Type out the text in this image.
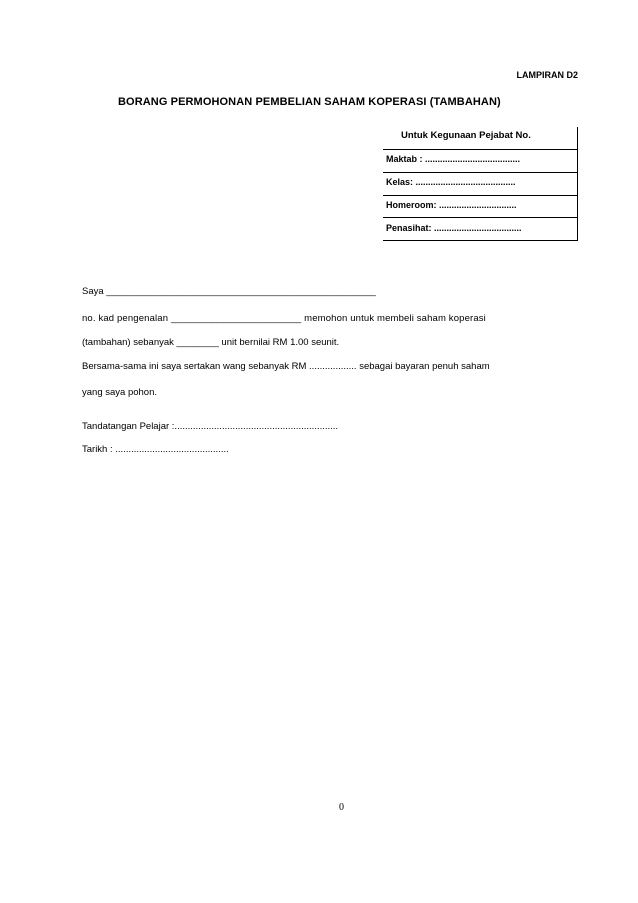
LAMPIRAN D2
BORANG PERMOHONAN PEMBELIAN SAHAM KOPERASI (TAMBAHAN)
Untuk Kegunaan Pejabat No.
Maktab : ......................................
Kelas: ........................................
Homeroom: ...............................
Penasihat: ...................................
Saya ___________________________________________________
no. kad pengenalan ________________________ memohon untuk membeli saham koperasi
(tambahan) sebanyak ________ unit bernilai RM 1.00 seunit.
Bersama-sama ini saya sertakan wang sebanyak RM .................. sebagai bayaran penuh saham
yang saya pohon.
Tandatangan Pelajar :..............................................................
Tarikh : ...........................................
0
